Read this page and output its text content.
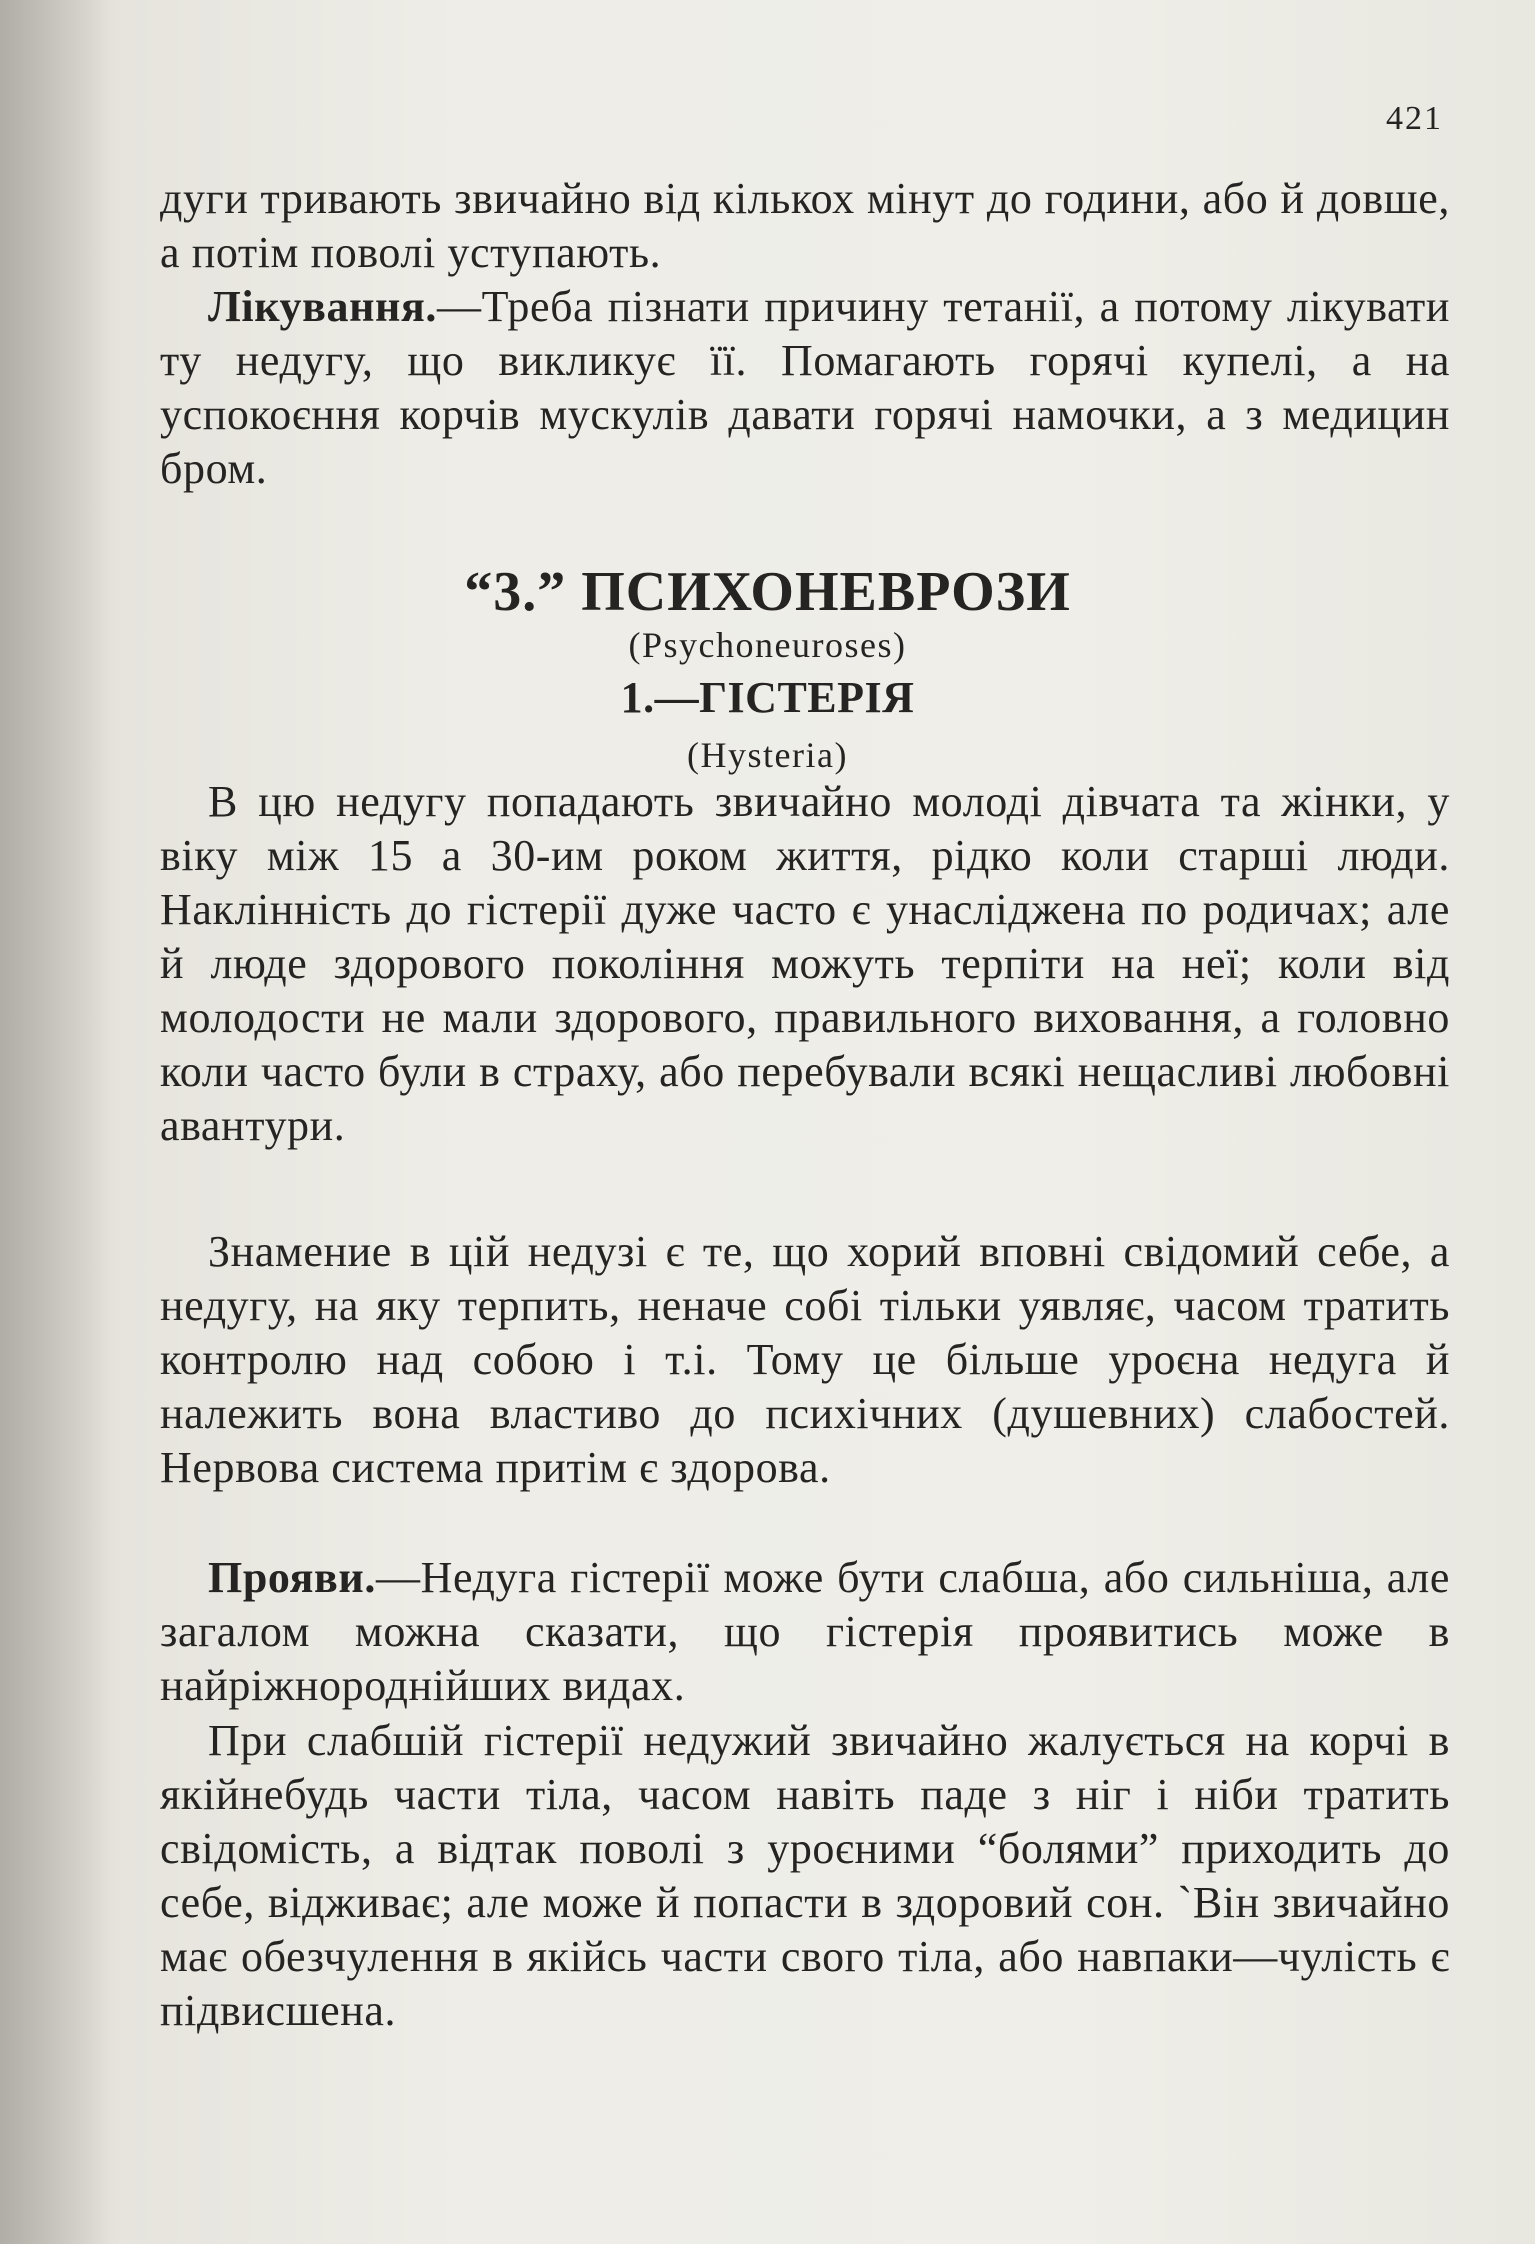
421

дуги тривають звичайно від кількох мінут до години, або й довше, а потім поволі уступають.

Лікування.—Треба пізнати причину тетанії, а потому лікувати ту недугу, що викликує її. Помагають горячі купелі, а на успокоєння корчів мускулів давати горячі намочки, а з медицин бром.

“3.” ПСИХОНЕВРОЗИ
(Psychoneuroses)
1.—ГІСТЕРІЯ
(Hysteria)

В цю недугу попадають звичайно молоді дівчата та жінки, у віку між 15 а 30-им роком життя, рідко коли старші люди. Наклінність до гістерії дуже часто є унасліджена по родичах; але й люде здорового покоління можуть терпіти на неї; коли від молодости не мали здорового, правильного виховання, а головно коли часто були в страху, або перебували всякі нещасливі любовні авантури.

Знамение в цій недузі є те, що хорий вповні свідомий себе, а недугу, на яку терпить, неначе собі тільки уявляє, часом тратить контролю над собою і т.і. Тому це більше уроєна недуга й належить вона властиво до психічних (душевних) слабостей. Нервова система притім є здорова.

Прояви.—Недуга гістерії може бути слабша, або сильніша, але загалом можна сказати, що гістерія проявитись може в найріжнороднійших видах.

При слабшій гістерії недужий звичайно жалується на корчі в якійнебудь части тіла, часом навіть паде з ніг і ніби тратить свідомість, а відтак поволі з уроєними “болями” приходить до себе, відживає; але може й попасти в здоровий сон. `Він звичайно має обезчулення в якійсь части свого тіла, або навпаки—чулість є підвисшена.
